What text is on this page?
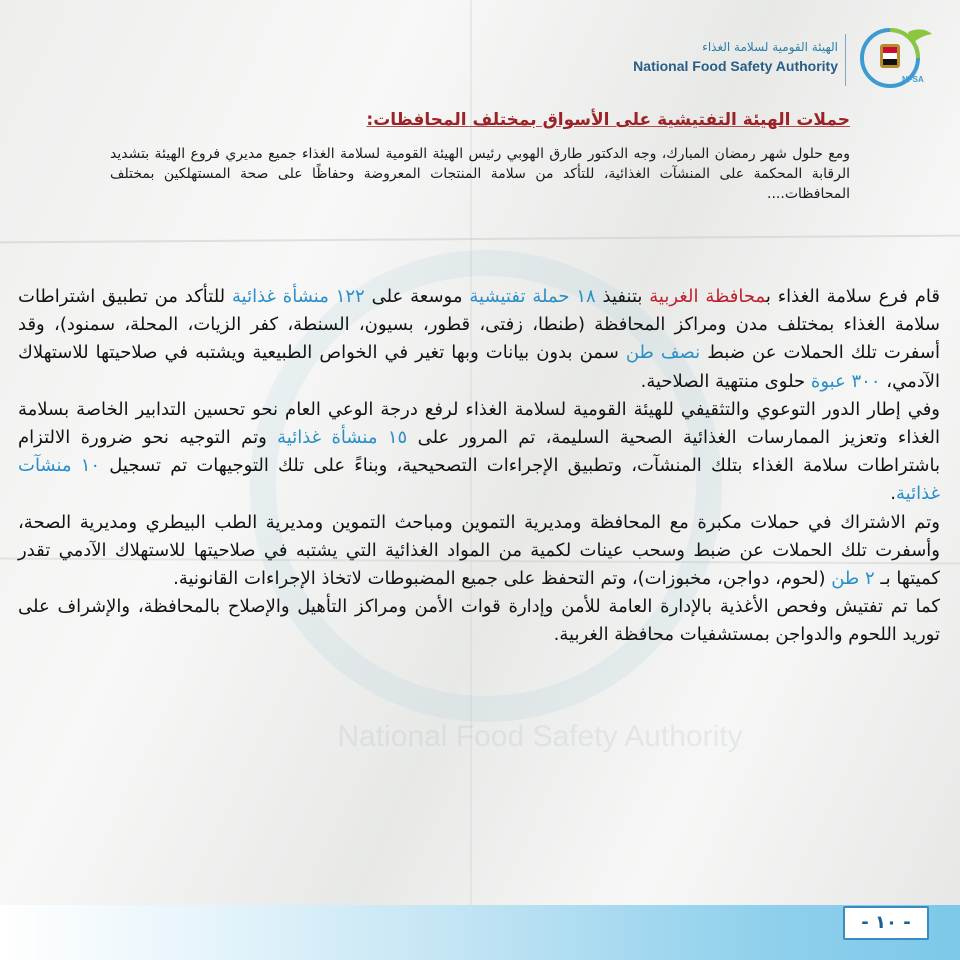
National Food Safety Authority
NFSA
الهيئة القومية لسلامة الغذاء
National Food Safety Authority
حملات الهيئة التفتيشية على الأسواق بمختلف المحافظات:

ومع حلول شهر رمضان المبارك، وجه الدكتور طارق الهوبي رئيس الهيئة القومية لسلامة الغذاء جميع مديري فروع الهيئة بتشديد الرقابة المحكمة على المنشآت الغذائية، للتأكد من سلامة المنتجات المعروضة وحفاظًا على صحة المستهلكين بمختلف المحافظات....

قام فرع سلامة الغذاء بمحافظة الغربية بتنفيذ ١٨ حملة تفتيشية موسعة على ١٢٢ منشأة غذائية للتأكد من تطبيق اشتراطات سلامة الغذاء بمختلف مدن ومراكز المحافظة (طنطا، زفتى، قطور، بسيون، السنطة، كفر الزيات، المحلة، سمنود)، وقد أسفرت تلك الحملات عن ضبط نصف طن سمن بدون بيانات وبها تغير في الخواص الطبيعية ويشتبه في صلاحيتها للاستهلاك الآدمي، ٣٠٠ عبوة حلوى منتهية الصلاحية.

وفي إطار الدور التوعوي والتثقيفي للهيئة القومية لسلامة الغذاء لرفع درجة الوعي العام نحو تحسين التدابير الخاصة بسلامة الغذاء وتعزيز الممارسات الغذائية الصحية السليمة، تم المرور على ١٥ منشأة غذائية وتم التوجيه نحو ضرورة الالتزام باشتراطات سلامة الغذاء بتلك المنشآت، وتطبيق الإجراءات التصحيحية، وبناءً على تلك التوجيهات تم تسجيل ١٠ منشآت غذائية.

وتم الاشتراك في حملات مكبرة مع المحافظة ومديرية التموين ومباحث التموين ومديرية الطب البيطري ومديرية الصحة، وأسفرت تلك الحملات عن ضبط وسحب عينات لكمية من المواد الغذائية التي يشتبه في صلاحيتها للاستهلاك الآدمي تقدر كميتها بـ ٢ طن (لحوم، دواجن، مخبوزات)، وتم التحفظ على جميع المضبوطات لاتخاذ الإجراءات القانونية.

كما تم تفتيش وفحص الأغذية بالإدارة العامة للأمن وإدارة قوات الأمن ومراكز التأهيل والإصلاح بالمحافظة، والإشراف على توريد اللحوم والدواجن بمستشفيات محافظة الغربية.

- ١٠ -
